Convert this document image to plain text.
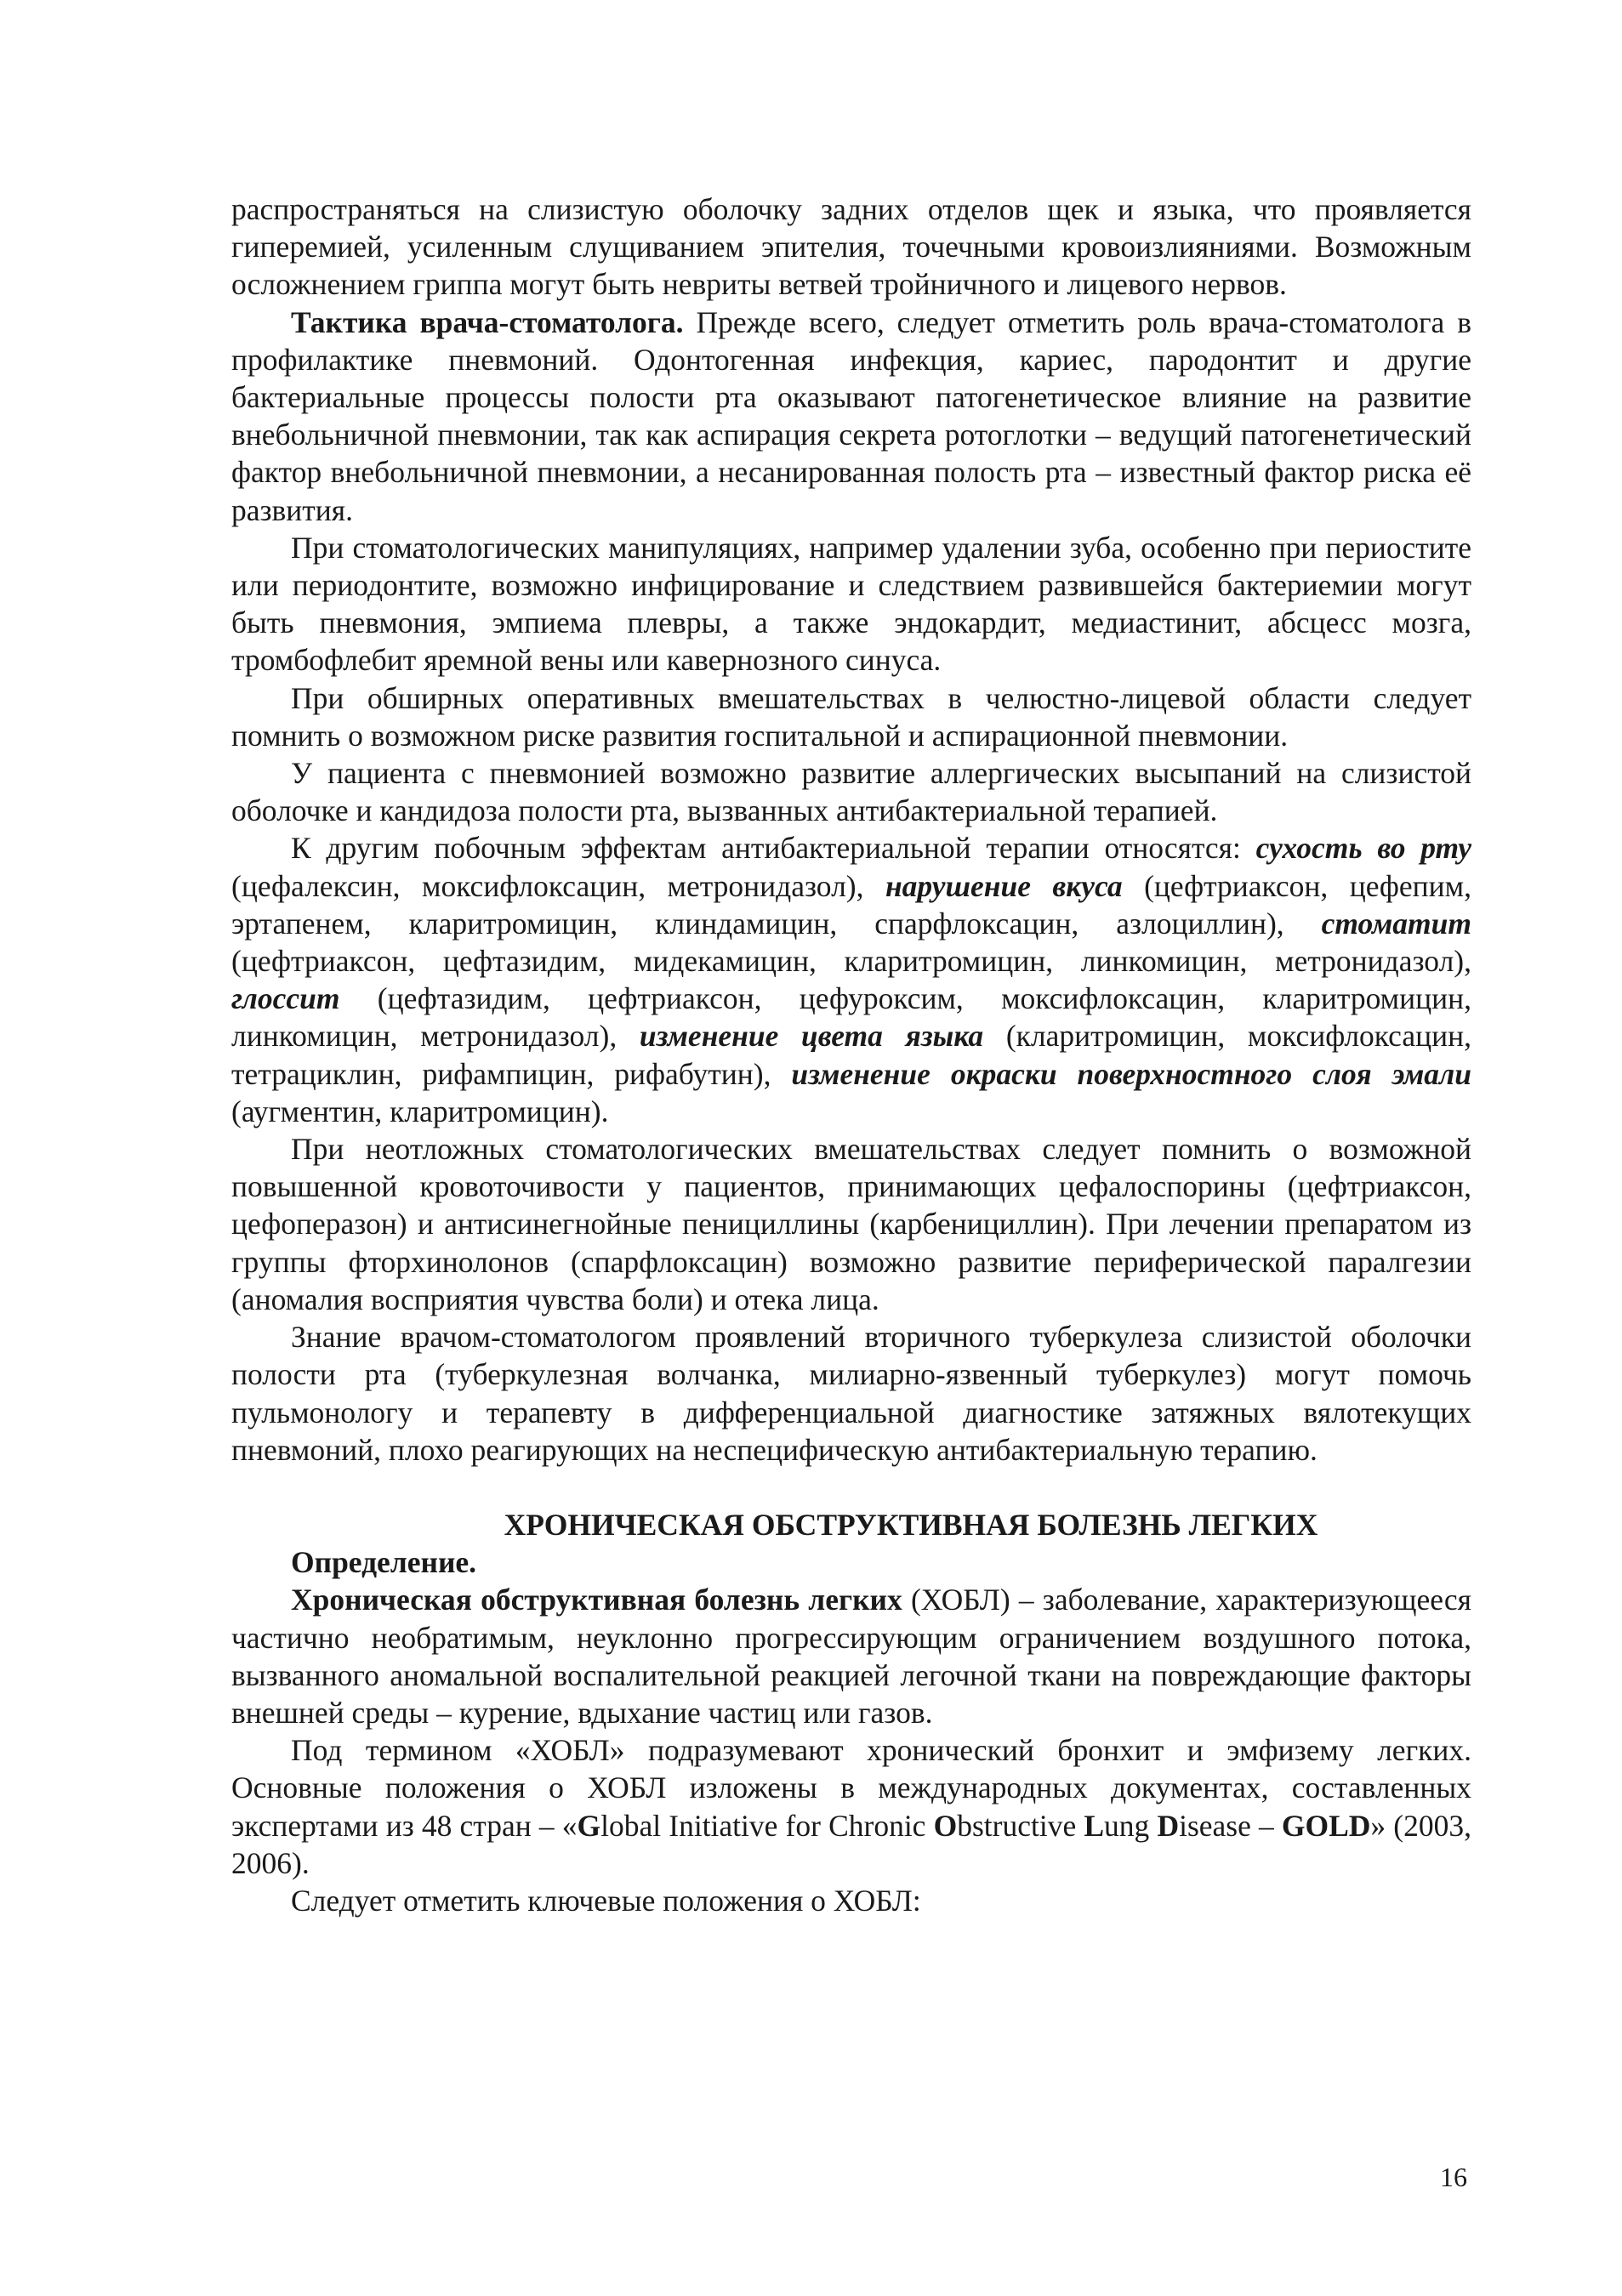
распространяться на слизистую оболочку задних отделов щек и языка, что проявляется гиперемией, усиленным слущиванием эпителия, точечными кровоизлияниями. Возможным осложнением гриппа могут быть невриты ветвей тройничного и лицевого нервов.

Тактика врача-стоматолога. Прежде всего, следует отметить роль врача-стоматолога в профилактике пневмоний. Одонтогенная инфекция, кариес, пародонтит и другие бактериальные процессы полости рта оказывают патогенетическое влияние на развитие внебольничной пневмонии, так как аспирация секрета ротоглотки – ведущий патогенетический фактор внебольничной пневмонии, а несанированная полость рта – известный фактор риска её развития.

При стоматологических манипуляциях, например удалении зуба, особенно при периостите или периодонтите, возможно инфицирование и следствием развившейся бактериемии могут быть пневмония, эмпиема плевры, а также эндокардит, медиастинит, абсцесс мозга, тромбофлебит яремной вены или кавернозного синуса.

При обширных оперативных вмешательствах в челюстно-лицевой области следует помнить о возможном риске развития госпитальной и аспирационной пневмонии.

У пациента с пневмонией возможно развитие аллергических высыпаний на слизистой оболочке и кандидоза полости рта, вызванных антибактериальной терапией.

К другим побочным эффектам антибактериальной терапии относятся: сухость во рту (цефалексин, моксифлоксацин, метронидазол), нарушение вкуса (цефтриаксон, цефепим, эртапенем, кларитромицин, клиндамицин, спарфлоксацин, азлоциллин), стоматит (цефтриаксон, цефтазидим, мидекамицин, кларитромицин, линкомицин, метронидазол), глоссит (цефтазидим, цефтриаксон, цефуроксим, моксифлоксацин, кларитромицин, линкомицин, метронидазол), изменение цвета языка (кларитромицин, моксифлоксацин, тетрациклин, рифампицин, рифабутин), изменение окраски поверхностного слоя эмали (аугментин, кларитромицин).

При неотложных стоматологических вмешательствах следует помнить о возможной повышенной кровоточивости у пациентов, принимающих цефалоспорины (цефтриаксон, цефоперазон) и антисинегнойные пенициллины (карбенициллин). При лечении препаратом из группы фторхинолонов (спарфлоксацин) возможно развитие периферической паралгезии (аномалия восприятия чувства боли) и отека лица.

Знание врачом-стоматологом проявлений вторичного туберкулеза слизистой оболочки полости рта (туберкулезная волчанка, милиарно-язвенный туберкулез) могут помочь пульмонологу и терапевту в дифференциальной диагностике затяжных вялотекущих пневмоний, плохо реагирующих на неспецифическую антибактериальную терапию.

ХРОНИЧЕСКАЯ ОБСТРУКТИВНАЯ БОЛЕЗНЬ ЛЕГКИХ

Определение.

Хроническая обструктивная болезнь легких (ХОБЛ) – заболевание, характеризующееся частично необратимым, неуклонно прогрессирующим ограничением воздушного потока, вызванного аномальной воспалительной реакцией легочной ткани на повреждающие факторы внешней среды – курение, вдыхание частиц или газов.

Под термином «ХОБЛ» подразумевают хронический бронхит и эмфизему легких. Основные положения о ХОБЛ изложены в международных документах, составленных экспертами из 48 стран – «Global Initiative for Chronic Obstructive Lung Disease – GOLD» (2003, 2006).

Следует отметить ключевые положения о ХОБЛ:

16
